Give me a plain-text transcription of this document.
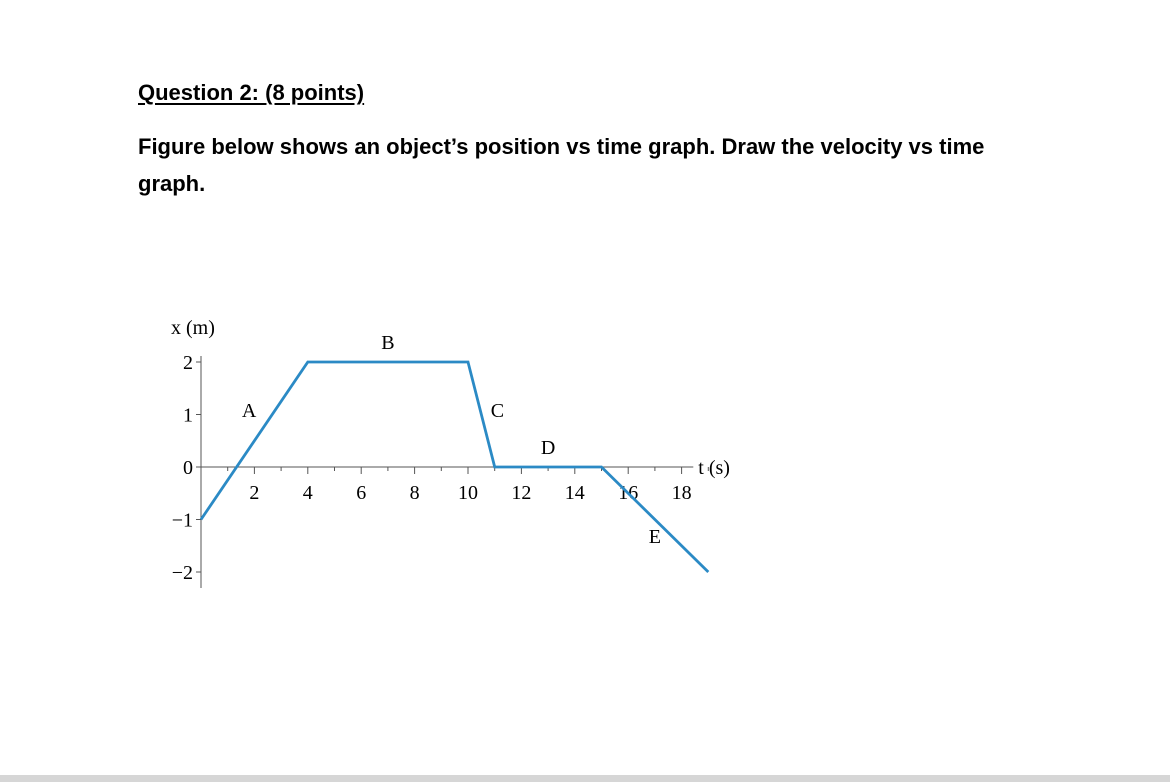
Question 2: (8 points)
Figure below shows an object’s position vs time graph. Draw the velocity vs time graph.
2
1
0
−1
−2
2 4 6 8 10 12 14 16 18
x (m)
t (s)
A
B
C
D
E
